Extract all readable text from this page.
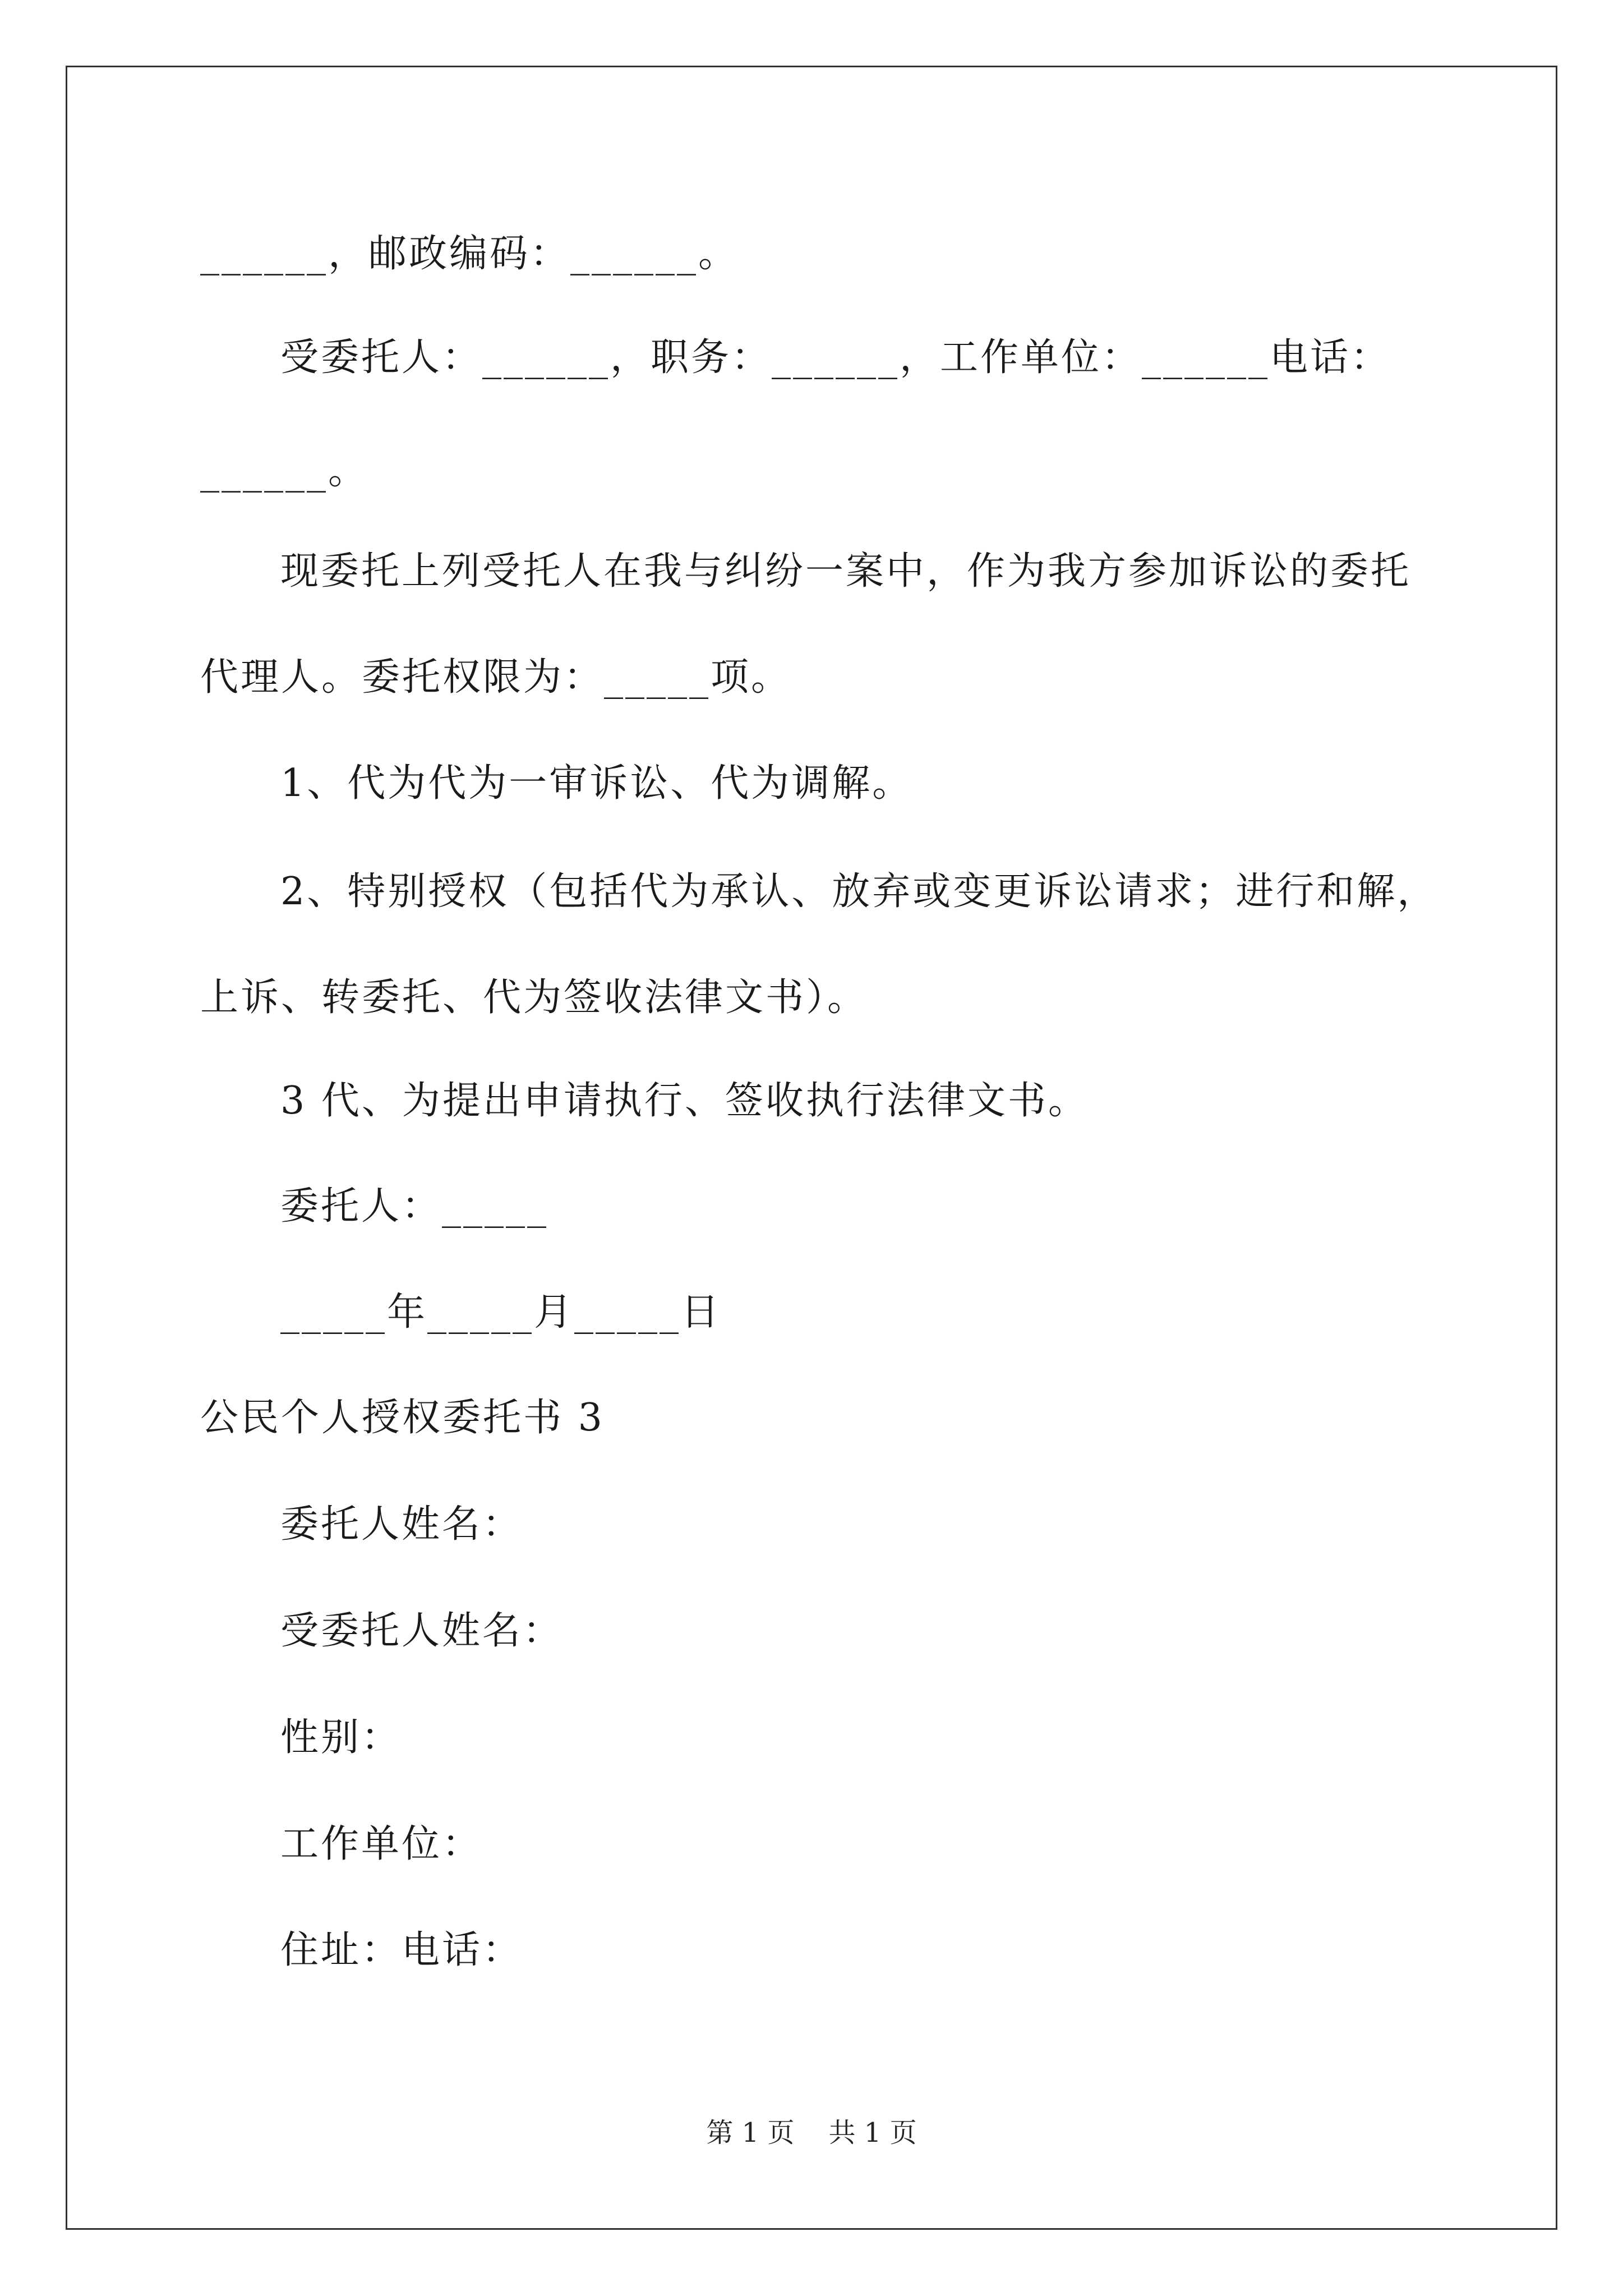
______，邮政编码：______。
受委托人：______，职务：______，工作单位：______电话：
______。
现委托上列受托人在我与纠纷一案中，作为我方参加诉讼的委托
代理人。委托权限为：_____项。
1、代为代为一审诉讼、代为调解。
2、特别授权（包括代为承认、放弃或变更诉讼请求；进行和解，
上诉、转委托、代为签收法律文书）。
3 代、为提出申请执行、签收执行法律文书。
委托人：_____
_____年_____月_____日
公民个人授权委托书 3
委托人姓名：
受委托人姓名：
性别：
工作单位：
住址：电话：
第 1 页    共 1 页
